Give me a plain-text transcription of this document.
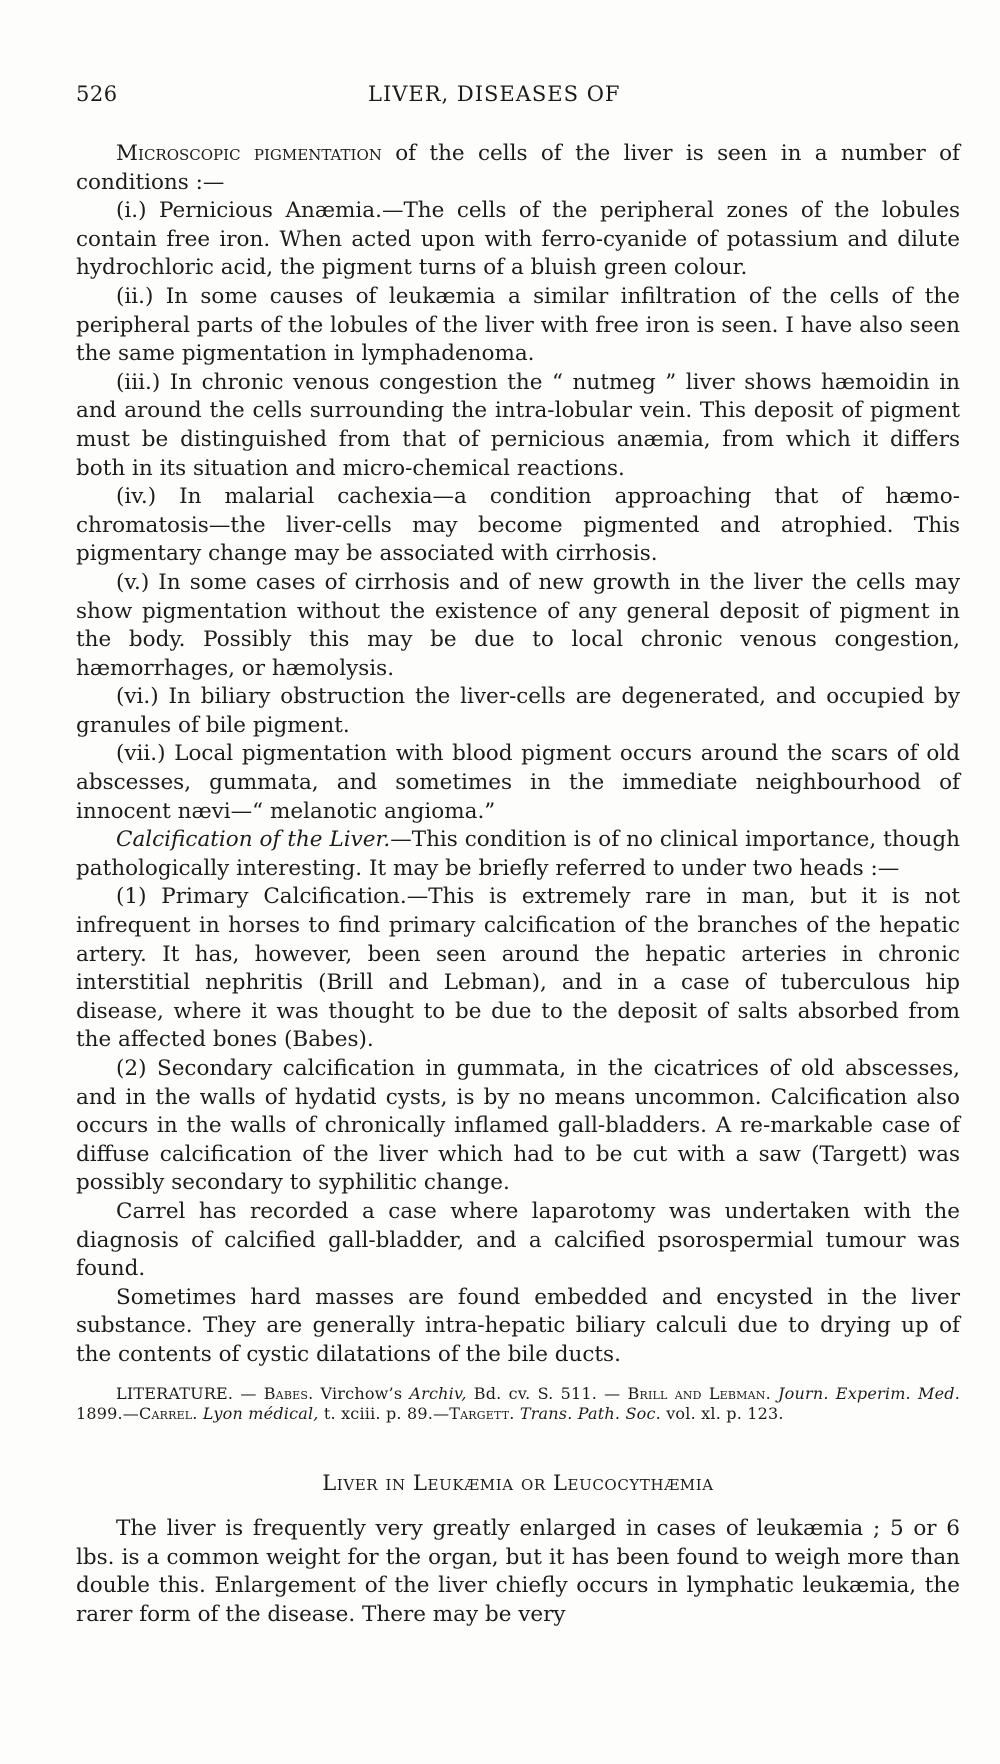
526	LIVER, DISEASES OF

Microscopic pigmentation of the cells of the liver is seen in a number of conditions :—

(i.) Pernicious Anæmia.—The cells of the peripheral zones of the lobules contain free iron. When acted upon with ferro-cyanide of potassium and dilute hydrochloric acid, the pigment turns of a bluish green colour.

(ii.) In some causes of leukæmia a similar infiltration of the cells of the peripheral parts of the lobules of the liver with free iron is seen. I have also seen the same pigmentation in lymphadenoma.

(iii.) In chronic venous congestion the “ nutmeg ” liver shows hæmoidin in and around the cells surrounding the intra-lobular vein. This deposit of pigment must be distinguished from that of pernicious anæmia, from which it differs both in its situation and micro-chemical reactions.

(iv.) In malarial cachexia—a condition approaching that of hæmo-chromatosis—the liver-cells may become pigmented and atrophied. This pigmentary change may be associated with cirrhosis.

(v.) In some cases of cirrhosis and of new growth in the liver the cells may show pigmentation without the existence of any general deposit of pigment in the body. Possibly this may be due to local chronic venous congestion, hæmorrhages, or hæmolysis.

(vi.) In biliary obstruction the liver-cells are degenerated, and occupied by granules of bile pigment.

(vii.) Local pigmentation with blood pigment occurs around the scars of old abscesses, gummata, and sometimes in the immediate neighbourhood of innocent nævi—“ melanotic angioma.”

Calcification of the Liver.—This condition is of no clinical importance, though pathologically interesting. It may be briefly referred to under two heads :—

(1) Primary Calcification.—This is extremely rare in man, but it is not infrequent in horses to find primary calcification of the branches of the hepatic artery. It has, however, been seen around the hepatic arteries in chronic interstitial nephritis (Brill and Lebman), and in a case of tuberculous hip disease, where it was thought to be due to the deposit of salts absorbed from the affected bones (Babes).

(2) Secondary calcification in gummata, in the cicatrices of old abscesses, and in the walls of hydatid cysts, is by no means uncommon. Calcification also occurs in the walls of chronically inflamed gall-bladders. A re-markable case of diffuse calcification of the liver which had to be cut with a saw (Targett) was possibly secondary to syphilitic change.

Carrel has recorded a case where laparotomy was undertaken with the diagnosis of calcified gall-bladder, and a calcified psorospermial tumour was found.

Sometimes hard masses are found embedded and encysted in the liver substance. They are generally intra-hepatic biliary calculi due to drying up of the contents of cystic dilatations of the bile ducts.

LITERATURE. — Babes. Virchow’s Archiv, Bd. cv. S. 511. — Brill and Lebman. Journ. Experim. Med. 1899.—Carrel. Lyon médical, t. xciii. p. 89.—Targett. Trans. Path. Soc. vol. xl. p. 123.

Liver in Leukæmia or Leucocythæmia

The liver is frequently very greatly enlarged in cases of leukæmia ; 5 or 6 lbs. is a common weight for the organ, but it has been found to weigh more than double this. Enlargement of the liver chiefly occurs in lymphatic leukæmia, the rarer form of the disease. There may be very
